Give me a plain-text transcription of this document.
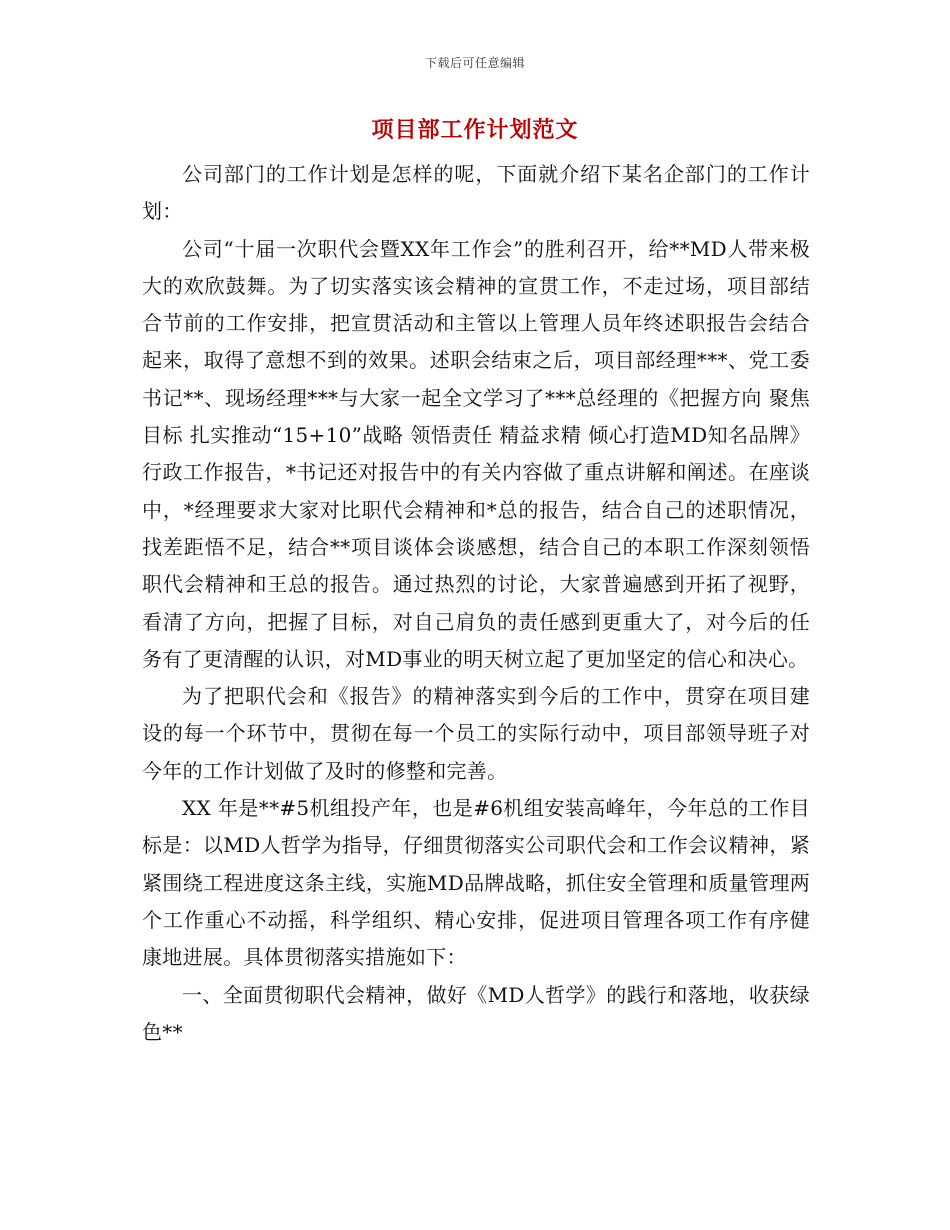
下载后可任意编辑
项目部工作计划范文

公司部门的工作计划是怎样的呢，下面就介绍下某名企部门的工作计划：

公司“十届一次职代会暨XX年工作会”的胜利召开，给**MD人带来极大的欢欣鼓舞。为了切实落实该会精神的宣贯工作，不走过场，项目部结合节前的工作安排，把宣贯活动和主管以上管理人员年终述职报告会结合起来，取得了意想不到的效果。述职会结束之后，项目部经理***、党工委书记**、现场经理***与大家一起全文学习了***总经理的《把握方向 聚焦目标 扎实推动“15+10”战略 领悟责任 精益求精 倾心打造MD知名品牌》行政工作报告，*书记还对报告中的有关内容做了重点讲解和阐述。在座谈中，*经理要求大家对比职代会精神和*总的报告，结合自己的述职情况，找差距悟不足，结合**项目谈体会谈感想，结合自己的本职工作深刻领悟职代会精神和王总的报告。通过热烈的讨论，大家普遍感到开拓了视野，看清了方向，把握了目标，对自己肩负的责任感到更重大了，对今后的任务有了更清醒的认识，对MD事业的明天树立起了更加坚定的信心和决心。

为了把职代会和《报告》的精神落实到今后的工作中，贯穿在项目建设的每一个环节中，贯彻在每一个员工的实际行动中，项目部领导班子对今年的工作计划做了及时的修整和完善。

XX 年是**#5机组投产年，也是#6机组安装高峰年，今年总的工作目标是：以MD人哲学为指导，仔细贯彻落实公司职代会和工作会议精神，紧紧围绕工程进度这条主线，实施MD品牌战略，抓住安全管理和质量管理两个工作重心不动摇，科学组织、精心安排，促进项目管理各项工作有序健康地进展。具体贯彻落实措施如下：

一、全面贯彻职代会精神，做好《MD人哲学》的践行和落地，收获绿色**
